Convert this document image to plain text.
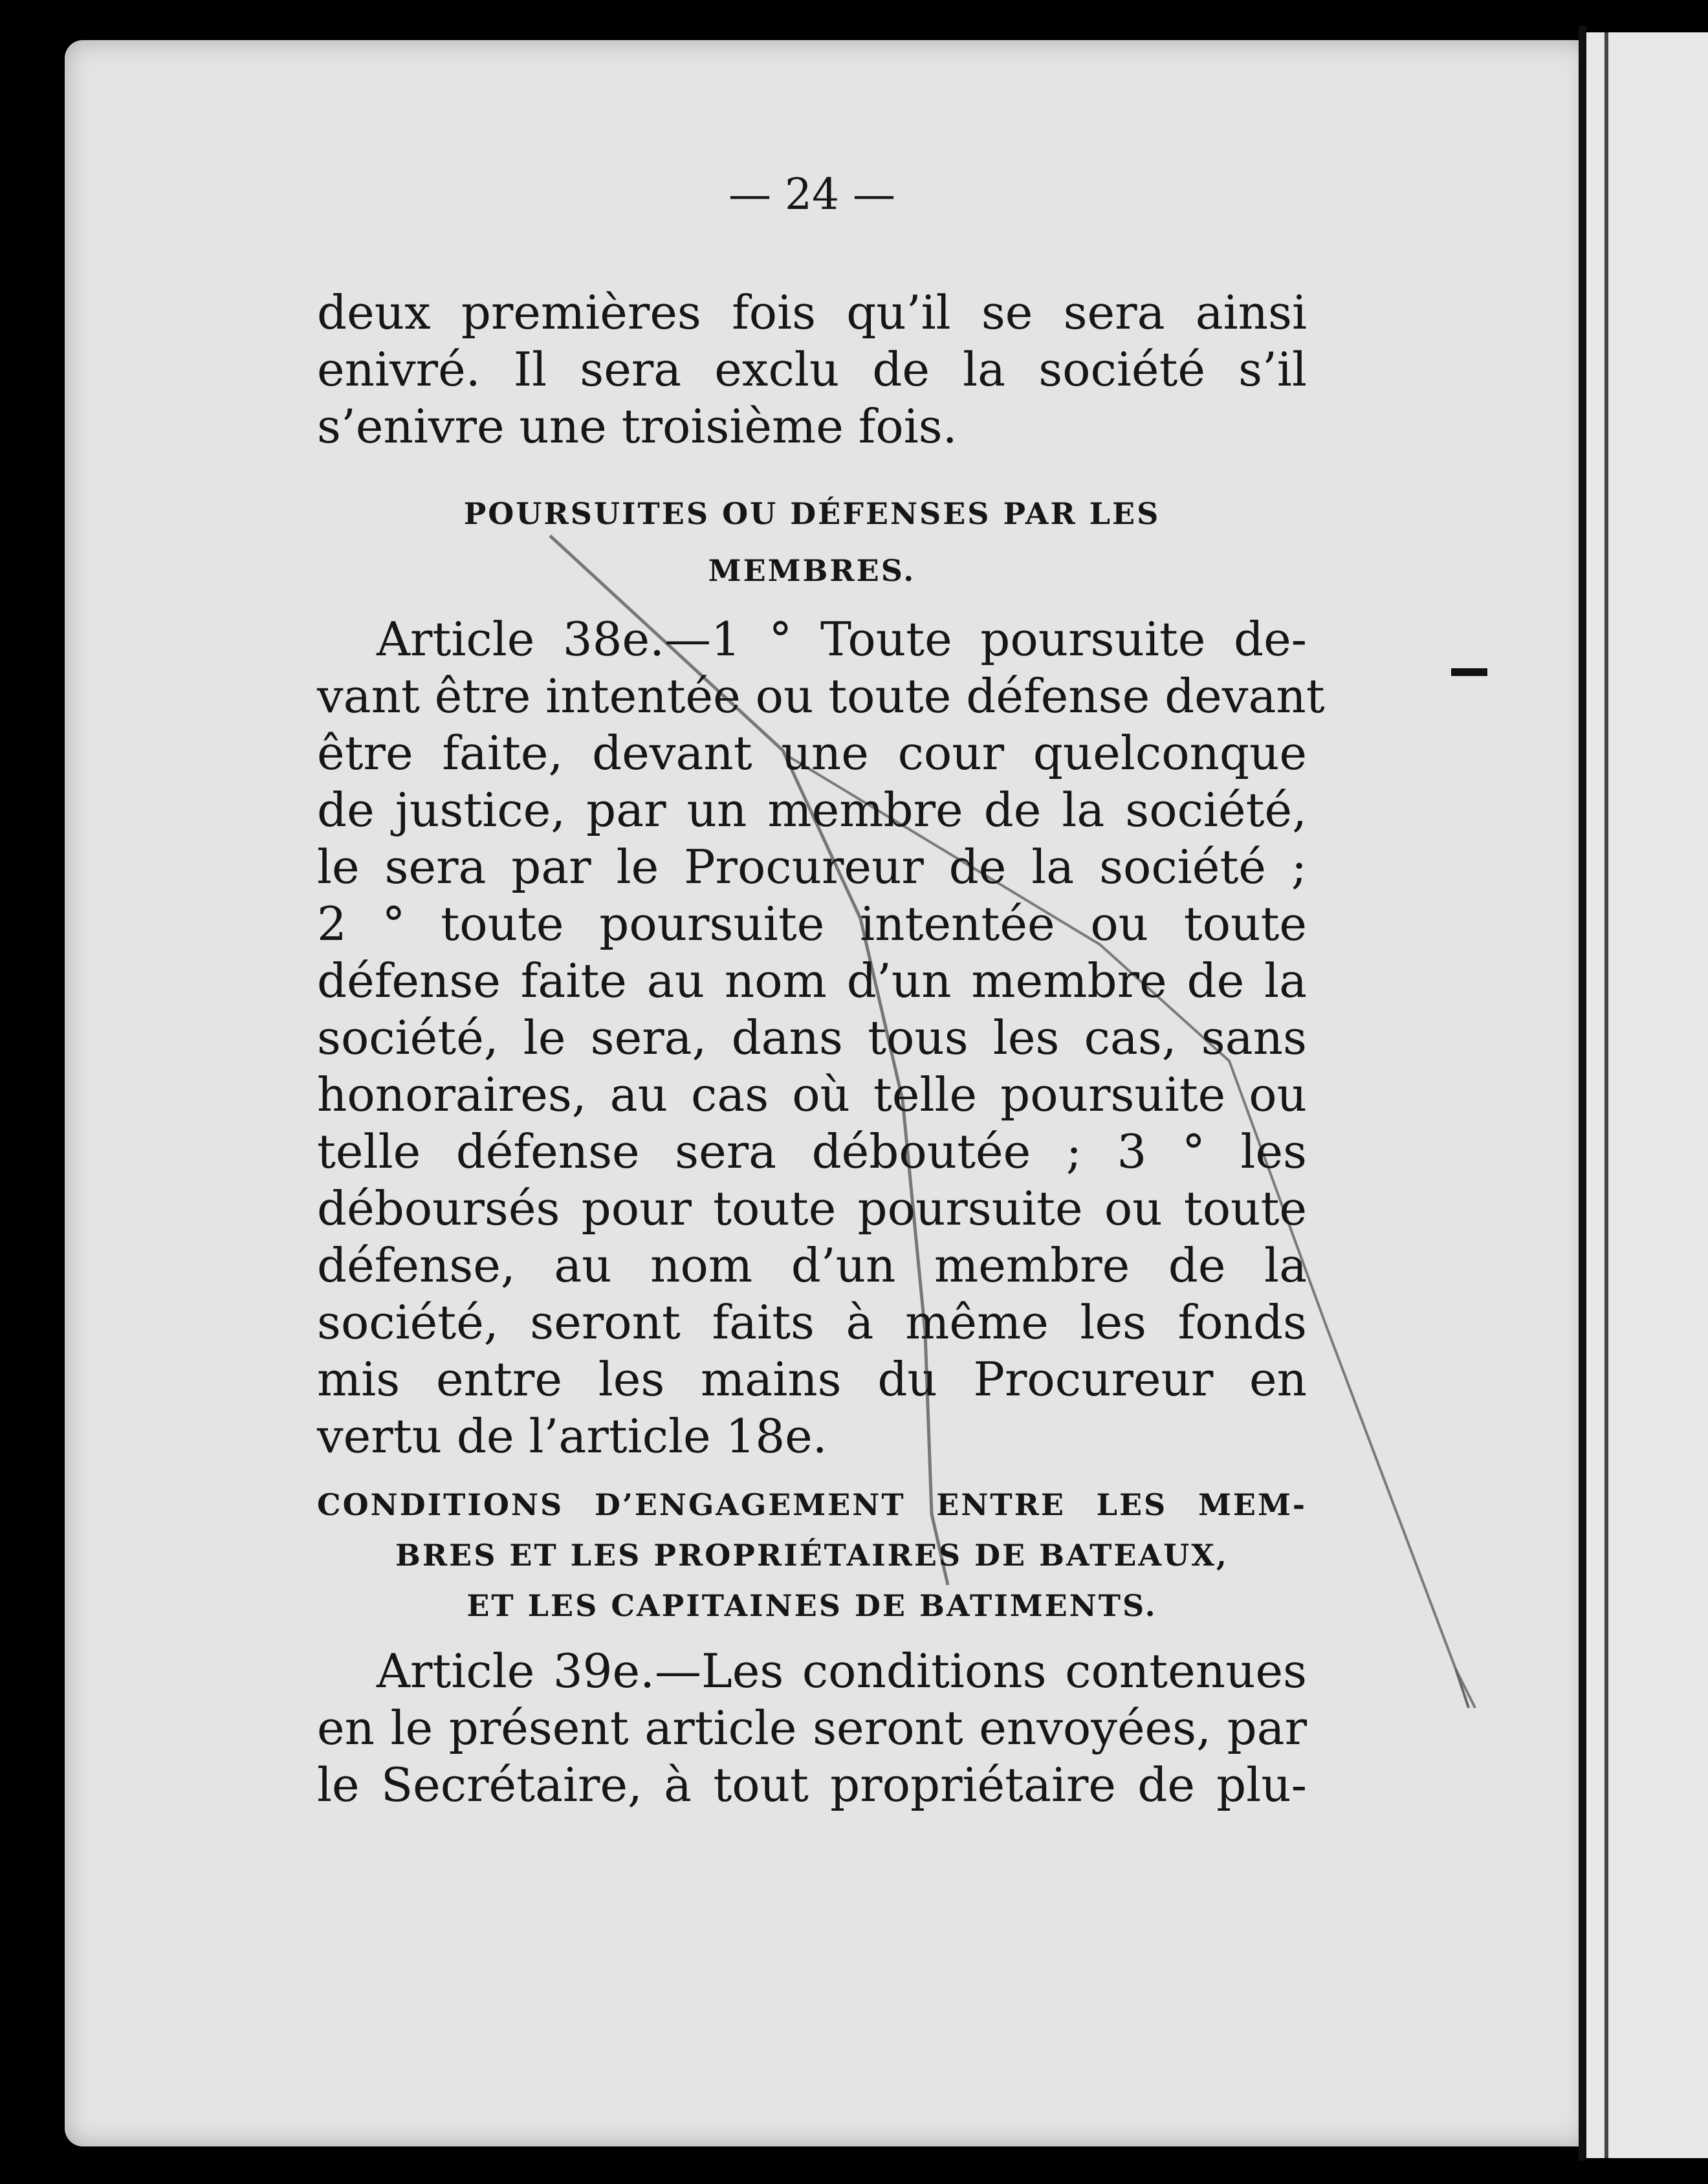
— 24 —
deux premières fois qu’il se sera ainsi
enivré. Il sera exclu de la société s’il
s’enivre une troisième fois.
POURSUITES OU DÉFENSES PAR LES
MEMBRES.
Article 38e.—1 ° Toute poursuite de-
vant être intentée ou toute défense devant
être faite, devant une cour quelconque
de justice, par un membre de la société,
le sera par le Procureur de la société ;
2 ° toute poursuite intentée ou toute
défense faite au nom d’un membre de la
société, le sera, dans tous les cas, sans
honoraires, au cas où telle poursuite ou
telle défense sera déboutée ; 3 ° les
déboursés pour toute poursuite ou toute
défense, au nom d’un membre de la
société, seront faits à même les fonds
mis entre les mains du Procureur en
vertu de l’article 18e.
CONDITIONS D’ENGAGEMENT ENTRE LES MEM-
BRES ET LES PROPRIÉTAIRES DE BATEAUX,
ET LES CAPITAINES DE BATIMENTS.
Article 39e.—Les conditions contenues
en le présent article seront envoyées, par
le Secrétaire, à tout propriétaire de plu-
